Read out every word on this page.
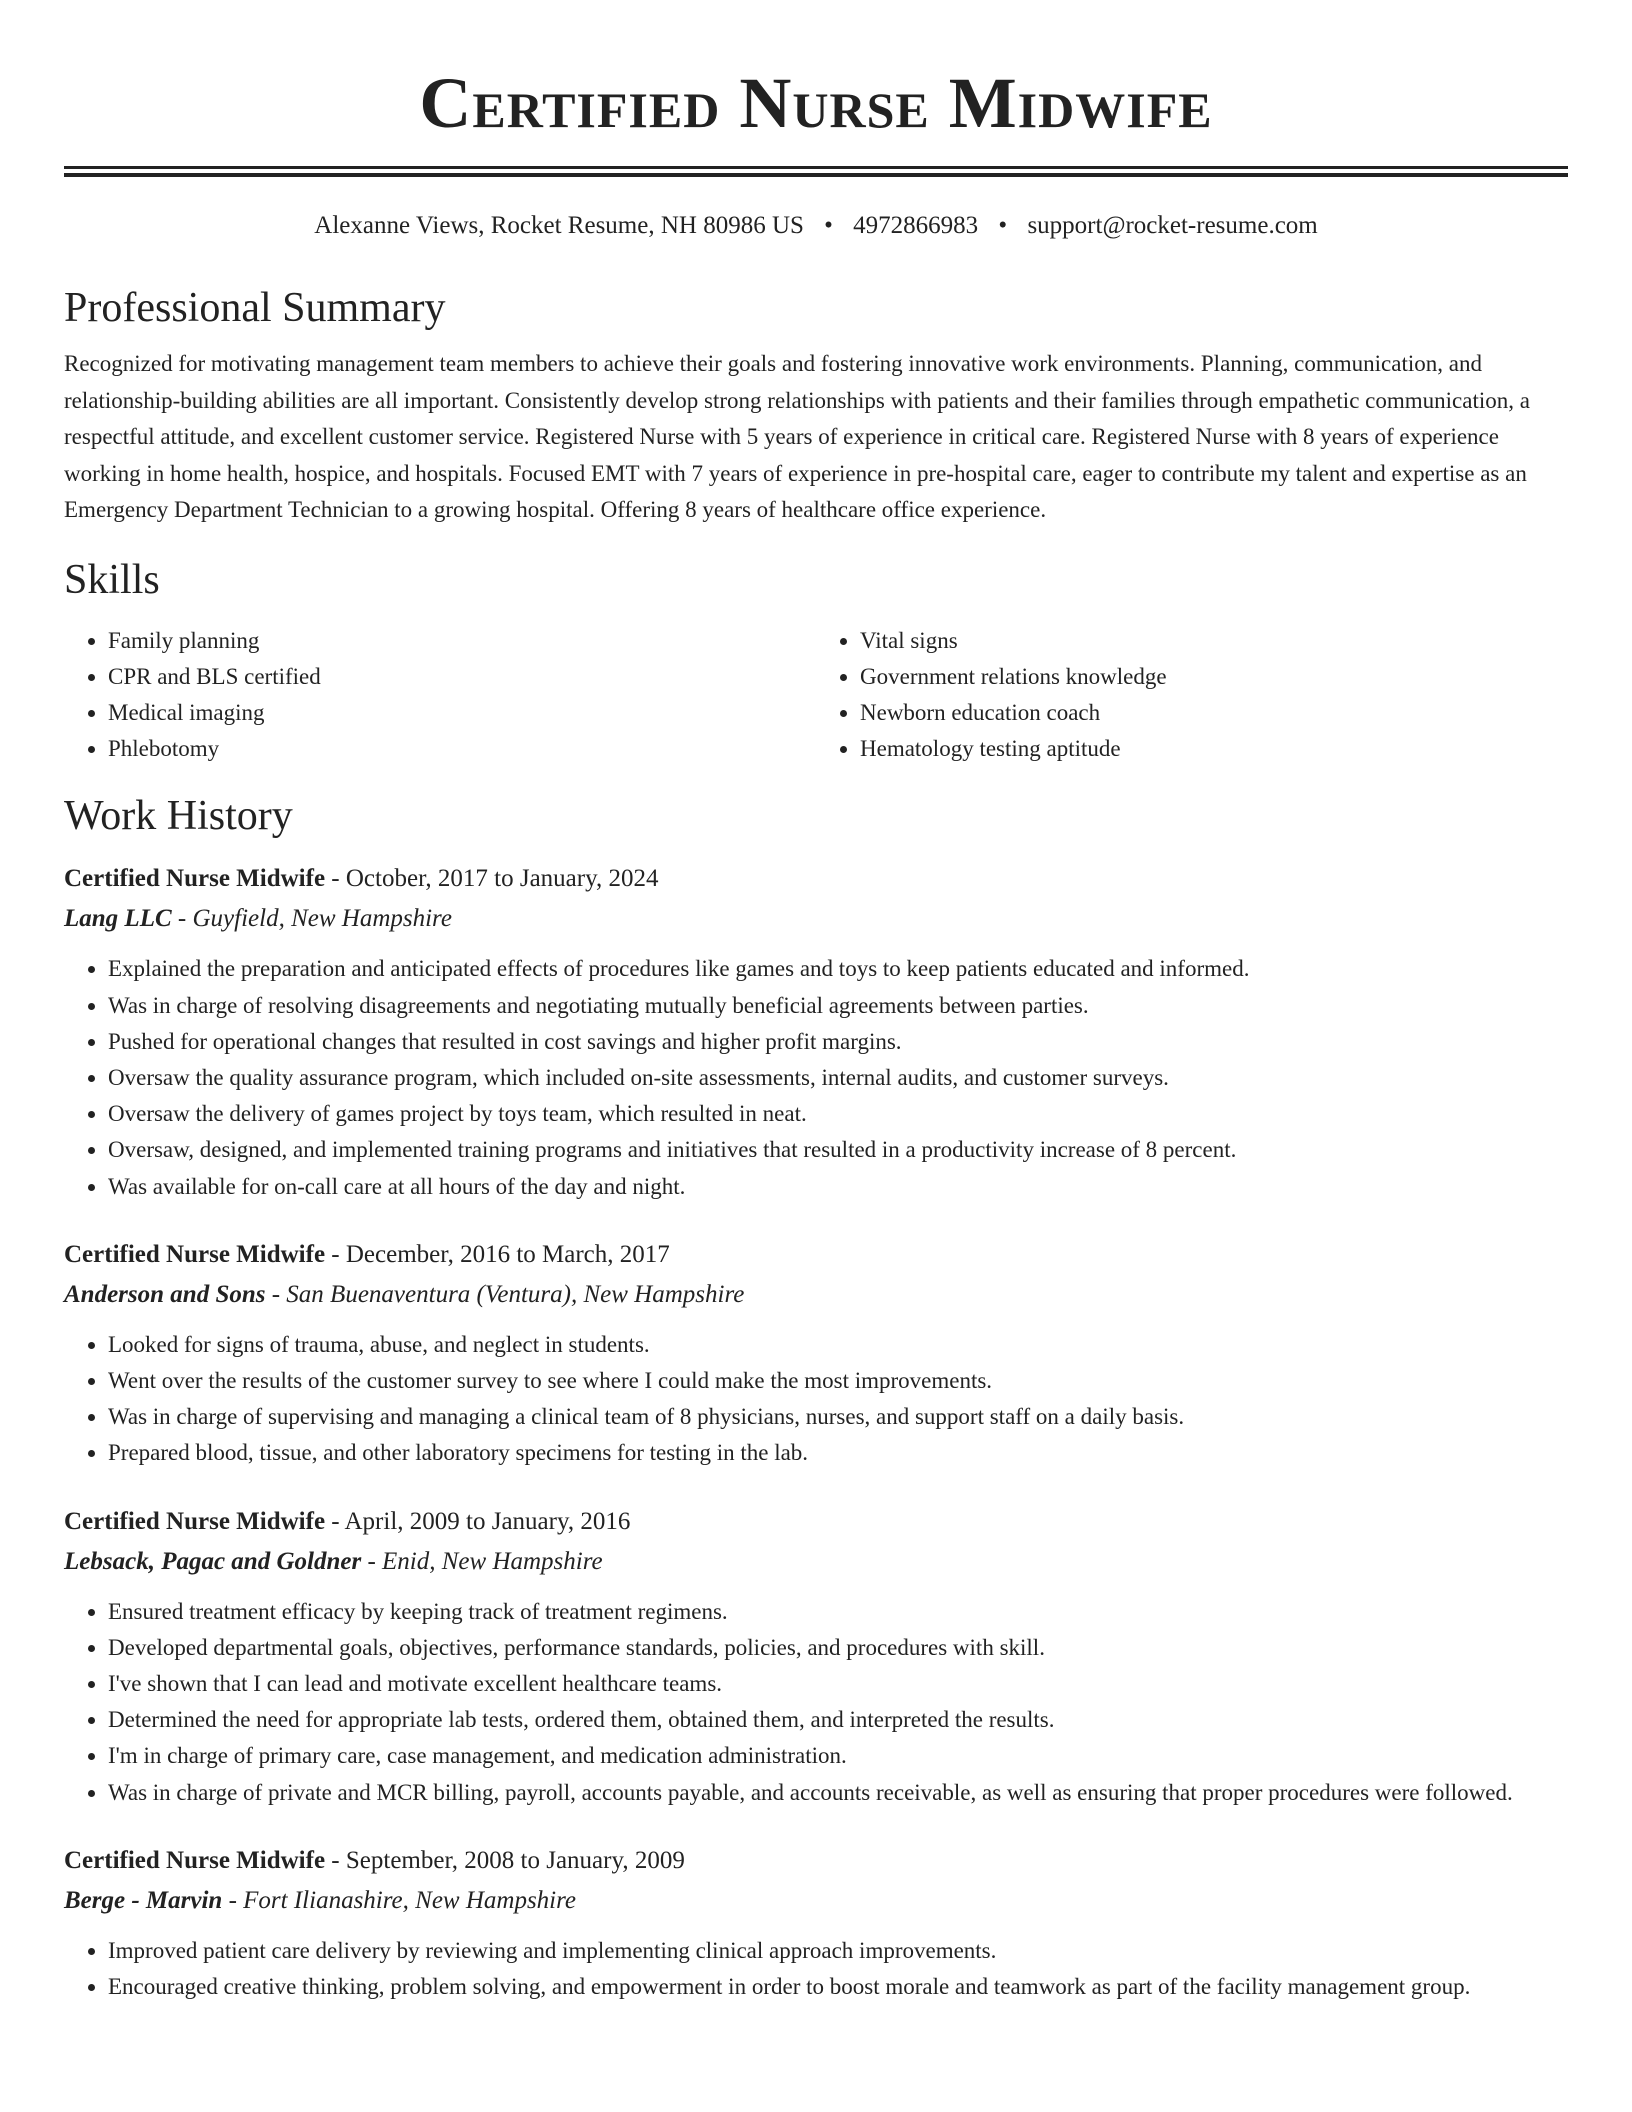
Certified Nurse Midwife
Alexanne Views, Rocket Resume, NH 80986 US • 4972866983 • support@rocket-resume.com
Professional Summary

Recognized for motivating management team members to achieve their goals and fostering innovative work environments. Planning, communication, and relationship-building abilities are all important. Consistently develop strong relationships with patients and their families through empathetic communication, a respectful attitude, and excellent customer service. Registered Nurse with 5 years of experience in critical care. Registered Nurse with 8 years of experience working in home health, hospice, and hospitals. Focused EMT with 7 years of experience in pre-hospital care, eager to contribute my talent and expertise as an Emergency Department Technician to a growing hospital. Offering 8 years of healthcare office experience.

Skills
• Family planning
• CPR and BLS certified
• Medical imaging
• Phlebotomy
• Vital signs
• Government relations knowledge
• Newborn education coach
• Hematology testing aptitude
Work History
Certified Nurse Midwife - October, 2017 to January, 2024
Lang LLC - Guyfield, New Hampshire
• Explained the preparation and anticipated effects of procedures like games and toys to keep patients educated and informed.
• Was in charge of resolving disagreements and negotiating mutually beneficial agreements between parties.
• Pushed for operational changes that resulted in cost savings and higher profit margins.
• Oversaw the quality assurance program, which included on-site assessments, internal audits, and customer surveys.
• Oversaw the delivery of games project by toys team, which resulted in neat.
• Oversaw, designed, and implemented training programs and initiatives that resulted in a productivity increase of 8 percent.
• Was available for on-call care at all hours of the day and night.
Certified Nurse Midwife - December, 2016 to March, 2017
Anderson and Sons - San Buenaventura (Ventura), New Hampshire
• Looked for signs of trauma, abuse, and neglect in students.
• Went over the results of the customer survey to see where I could make the most improvements.
• Was in charge of supervising and managing a clinical team of 8 physicians, nurses, and support staff on a daily basis.
• Prepared blood, tissue, and other laboratory specimens for testing in the lab.
Certified Nurse Midwife - April, 2009 to January, 2016
Lebsack, Pagac and Goldner - Enid, New Hampshire
• Ensured treatment efficacy by keeping track of treatment regimens.
• Developed departmental goals, objectives, performance standards, policies, and procedures with skill.
• I've shown that I can lead and motivate excellent healthcare teams.
• Determined the need for appropriate lab tests, ordered them, obtained them, and interpreted the results.
• I'm in charge of primary care, case management, and medication administration.
• Was in charge of private and MCR billing, payroll, accounts payable, and accounts receivable, as well as ensuring that proper procedures were followed.
Certified Nurse Midwife - September, 2008 to January, 2009
Berge - Marvin - Fort Ilianashire, New Hampshire
• Improved patient care delivery by reviewing and implementing clinical approach improvements.
• Encouraged creative thinking, problem solving, and empowerment in order to boost morale and teamwork as part of the facility management group.
